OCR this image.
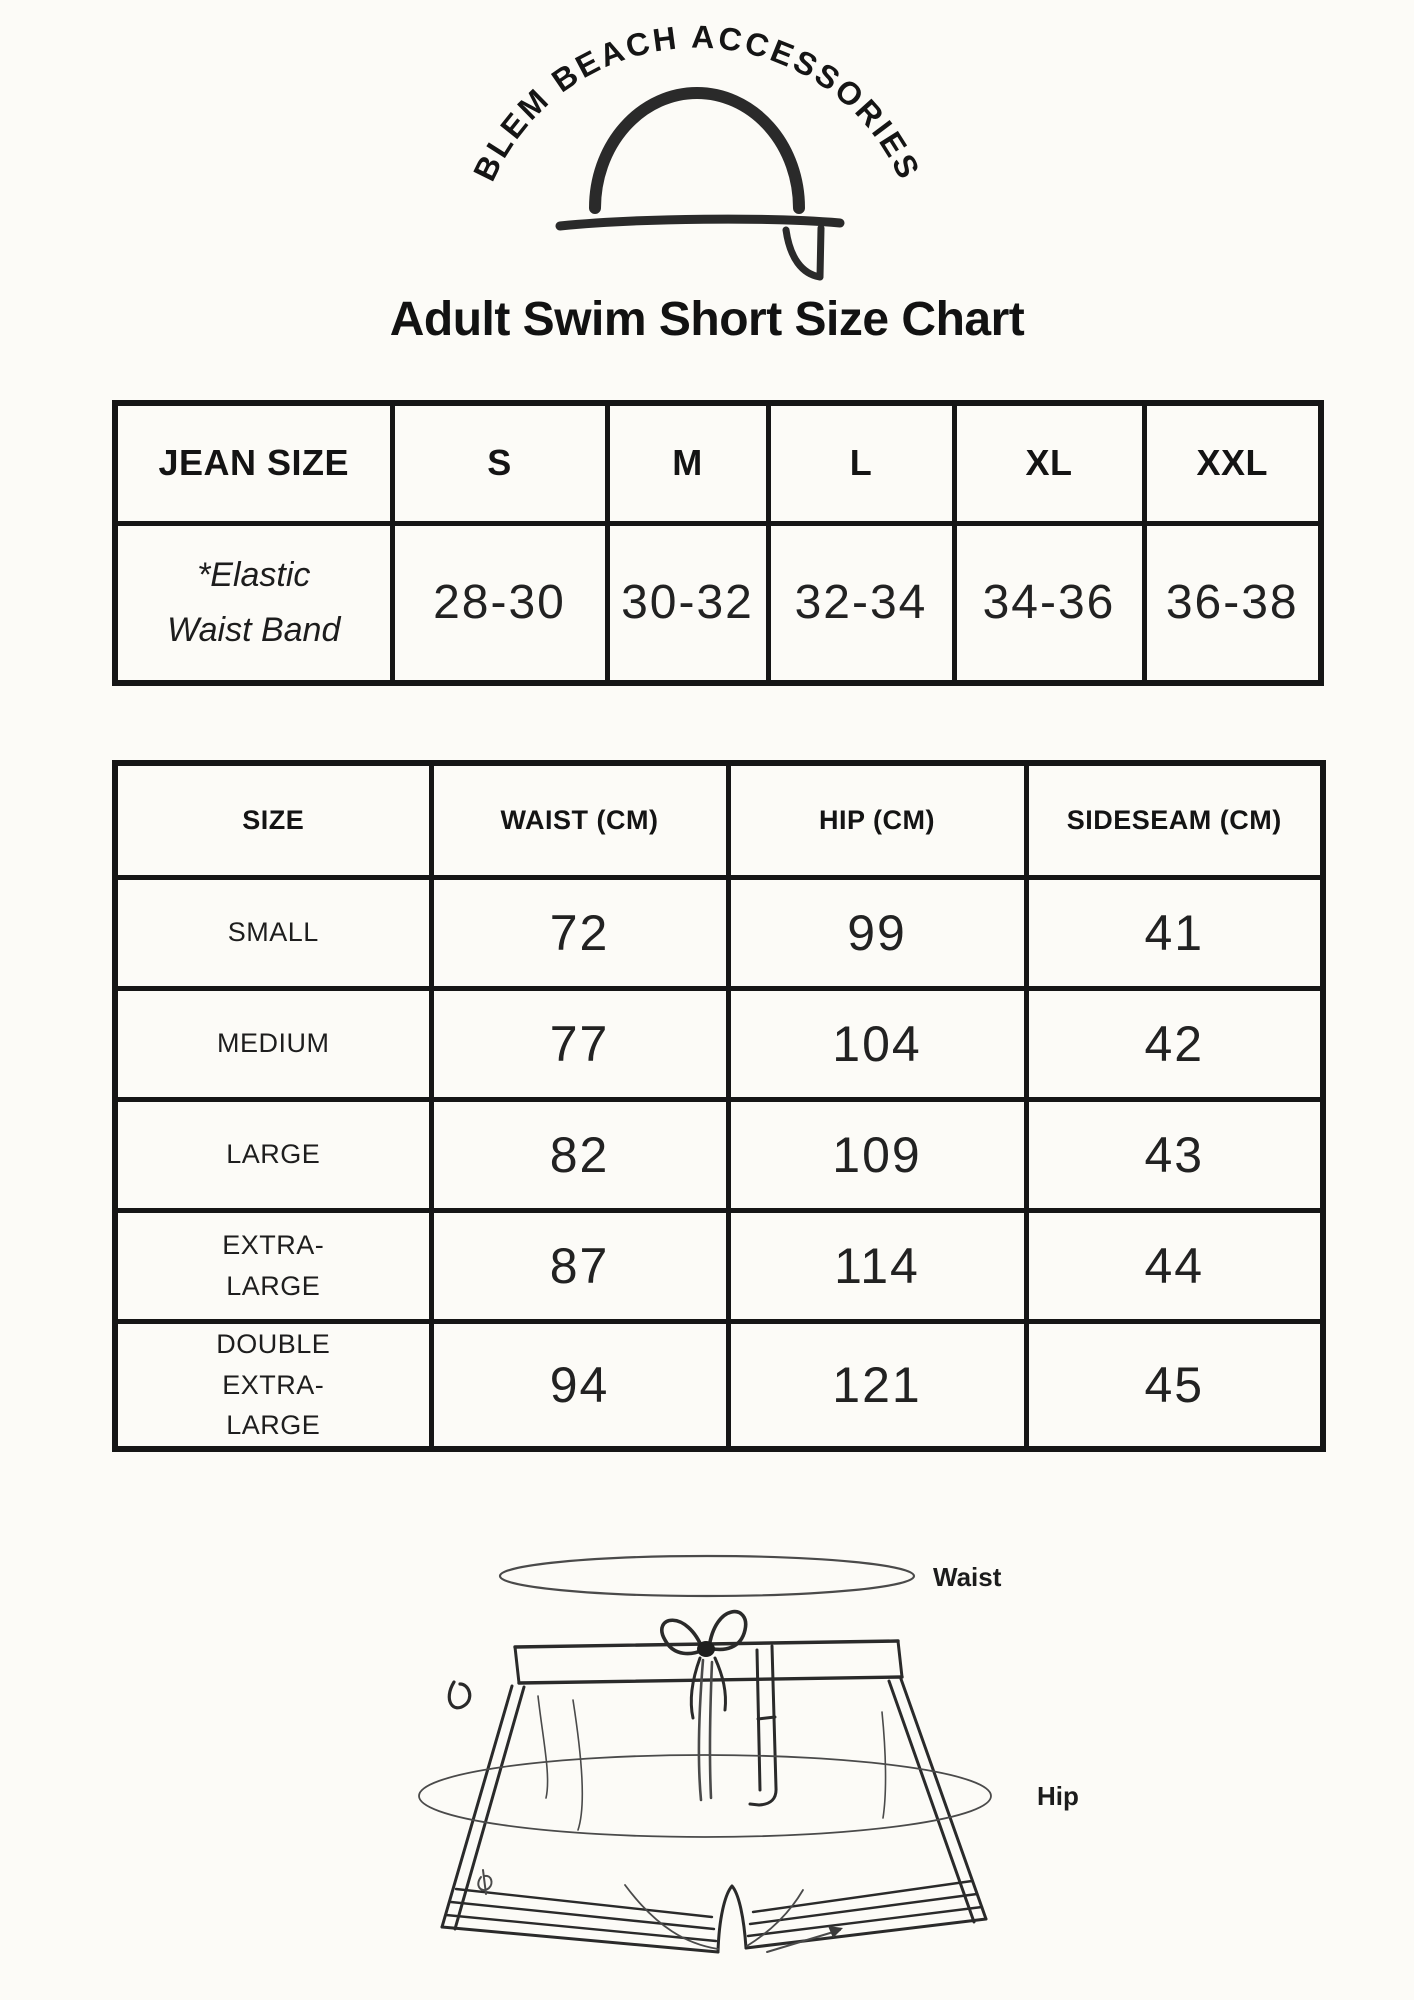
BLEM BEACH ACCESSORIES
Adult Swim Short Size Chart
JEAN SIZE	S	M	L	XL	XXL

*Elastic Waist Band	28-30	30-32	32-34	34-36	36-38
SIZE	WAIST (CM)	HIP (CM)	SIDESEAM (CM)

SMALL	72	99	41

MEDIUM	77	104	42

LARGE	82	109	43

EXTRA-LARGE	87	114	44

DOUBLE EXTRA-LARGE	94	121	45
Waist
Hip
